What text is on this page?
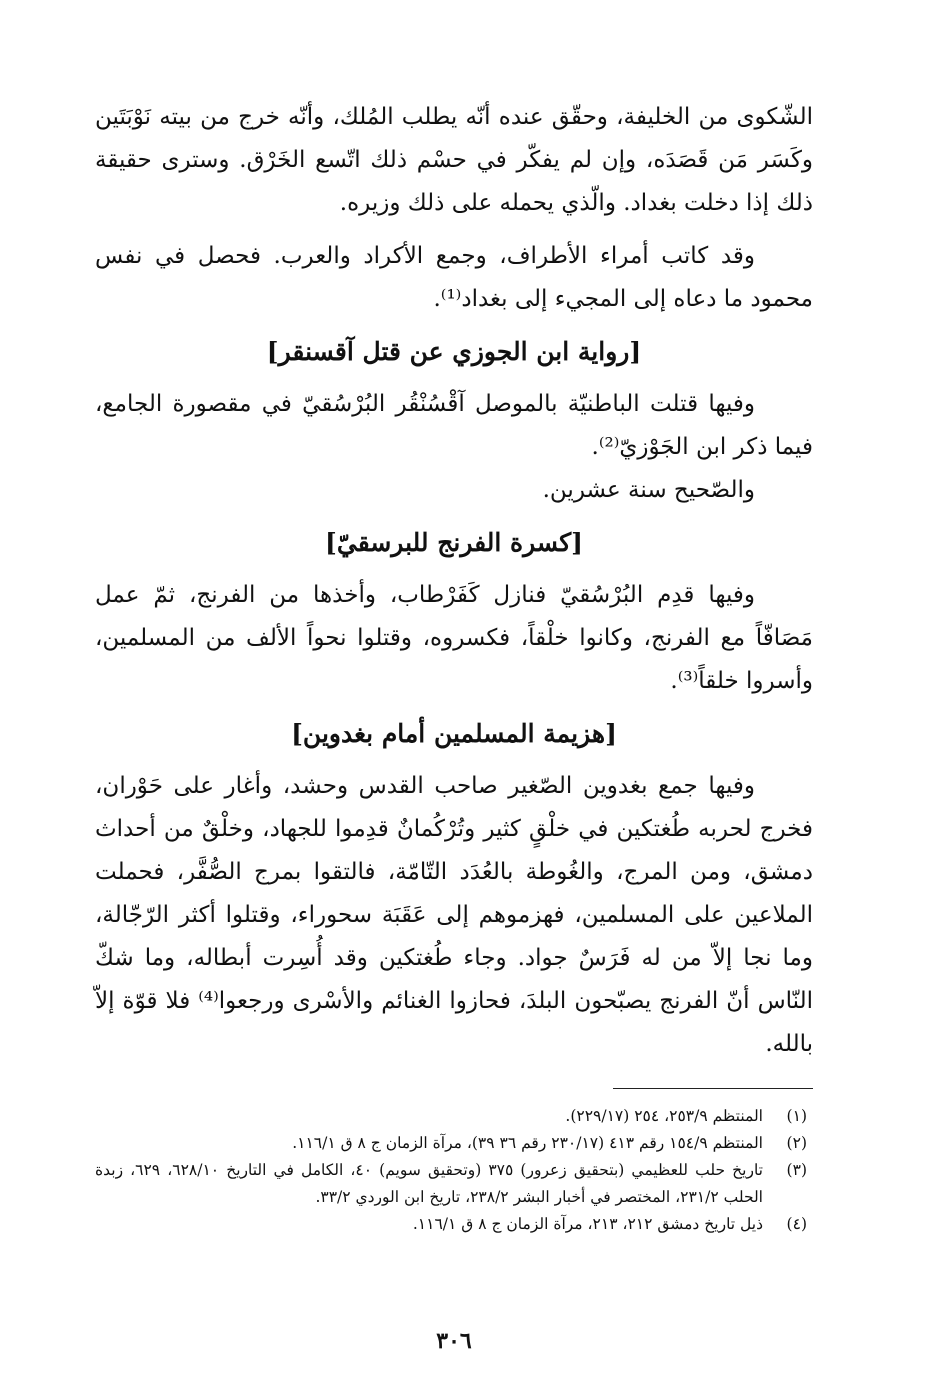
الشّكوى من الخليفة، وحقّق عنده أنّه يطلب المُلك، وأنّه خرج من بيته نَوْبَتَين وكَسَر مَن قَصَدَه، وإن لم يفكّر في حسْم ذلك اتّسع الخَرْق. وسترى حقيقة ذلك إذا دخلت بغداد. والّذي يحمله على ذلك وزيره.

وقد كاتب أمراء الأطراف، وجمع الأكراد والعرب. فحصل في نفس محمود ما دعاه إلى المجيء إلى بغداد⁽¹⁾.

[رواية ابن الجوزي عن قتل آقسنقر]

وفيها قتلت الباطنيّة بالموصل آقْسُنْقُر البُرْسُقيّ في مقصورة الجامع، فيما ذكر ابن الجَوْزيّ⁽²⁾.

والصّحيح سنة عشرين.

[كسرة الفرنج للبرسقيّ]

وفيها قدِم البُرْسُقيّ فنازل كَفَرْطاب، وأخذها من الفرنج، ثمّ عمل مَصَافّاً مع الفرنج، وكانوا خلْقاً، فكسروه، وقتلوا نحواً الألف من المسلمين، وأسروا خلقاً⁽³⁾.

[هزيمة المسلمين أمام بغدوين]

وفيها جمع بغدوين الصّغير صاحب القدس وحشد، وأغار على حَوْران، فخرج لحربه طُغتكين في خلْقٍ كثير وتُرْكُمانٌ قدِموا للجهاد، وخلْقٌ من أحداث دمشق، ومن المرج، والغُوطة بالعُدَد التّامّة، فالتقوا بمرج الصُّفَّر، فحملت الملاعين على المسلمين، فهزموهم إلى عَقَبَة سحوراء، وقتلوا أكثر الرّجّالة، وما نجا إلاّ من له فَرَسٌ جواد. وجاء طُغتكين وقد أُسِرت أبطاله، وما شكّ النّاس أنّ الفرنج يصبّحون البلدَ، فحازوا الغنائم والأسْرى ورجعوا⁽⁴⁾ فلا قوّة إلاّ بالله.

(١)
المنتظم ٢٥٣/٩، ٢٥٤ (٢٢٩/١٧).
(٢)
المنتظم ١٥٤/٩ رقم ٤١٣ (٢٣٠/١٧ رقم ٣٦ ٣٩)، مرآة الزمان ج ٨ ق ١١٦/١.
(٣)
تاريخ حلب للعظيمي (بتحقيق زعرور) ٣٧٥ (وتحقيق سويم) ٤٠، الكامل في التاريخ ٦٢٨/١٠، ٦٢٩، زبدة الحلب ٢٣١/٢، المختصر في أخبار البشر ٢٣٨/٢، تاريخ ابن الوردي ٣٣/٢.
(٤)
ذيل تاريخ دمشق ٢١٢، ٢١٣، مرآة الزمان ج ٨ ق ١١٦/١.
٣٠٦
